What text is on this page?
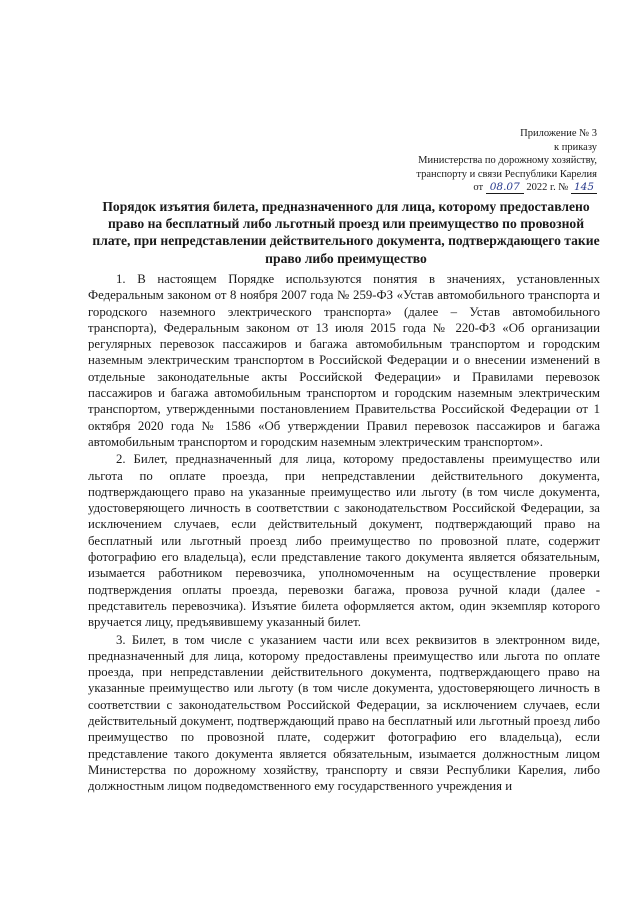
Приложение № 3
к приказу
Министерства по дорожному хозяйству,
транспорту и связи Республики Карелия
от 08.07 2022 г. № 145
Порядок изъятия билета, предназначенного для лица, которому предоставлено право на бесплатный либо льготный проезд или преимущество по провозной плате, при непредставлении действительного документа, подтверждающего такие право либо преимущество

1. В настоящем Порядке используются понятия в значениях, установленных Федеральным законом от 8 ноября 2007 года № 259-ФЗ «Устав автомобильного транспорта и городского наземного электрического транспорта» (далее – Устав автомобильного транспорта), Федеральным законом от 13 июля 2015 года № 220-ФЗ «Об организации регулярных перевозок пассажиров и багажа автомобильным транспортом и городским наземным электрическим транспортом в Российской Федерации и о внесении изменений в отдельные законодательные акты Российской Федерации» и Правилами перевозок пассажиров и багажа автомобильным транспортом и городским наземным электрическим транспортом, утвержденными постановлением Правительства Российской Федерации от 1 октября 2020 года № 1586 «Об утверждении Правил перевозок пассажиров и багажа автомобильным транспортом и городским наземным электрическим транспортом».

2. Билет, предназначенный для лица, которому предоставлены преимущество или льгота по оплате проезда, при непредставлении действительного документа, подтверждающего право на указанные преимущество или льготу (в том числе документа, удостоверяющего личность в соответствии с законодательством Российской Федерации, за исключением случаев, если действительный документ, подтверждающий право на бесплатный или льготный проезд либо преимущество по провозной плате, содержит фотографию его владельца), если представление такого документа является обязательным, изымается работником перевозчика, уполномоченным на осуществление проверки подтверждения оплаты проезда, перевозки багажа, провоза ручной клади (далее - представитель перевозчика). Изъятие билета оформляется актом, один экземпляр которого вручается лицу, предъявившему указанный билет.

3. Билет, в том числе с указанием части или всех реквизитов в электронном виде, предназначенный для лица, которому предоставлены преимущество или льгота по оплате проезда, при непредставлении действительного документа, подтверждающего право на указанные преимущество или льготу (в том числе документа, удостоверяющего личность в соответствии с законодательством Российской Федерации, за исключением случаев, если действительный документ, подтверждающий право на бесплатный или льготный проезд либо преимущество по провозной плате, содержит фотографию его владельца), если представление такого документа является обязательным, изымается должностным лицом Министерства по дорожному хозяйству, транспорту и связи Республики Карелия, либо должностным лицом подведомственного ему государственного учреждения и
